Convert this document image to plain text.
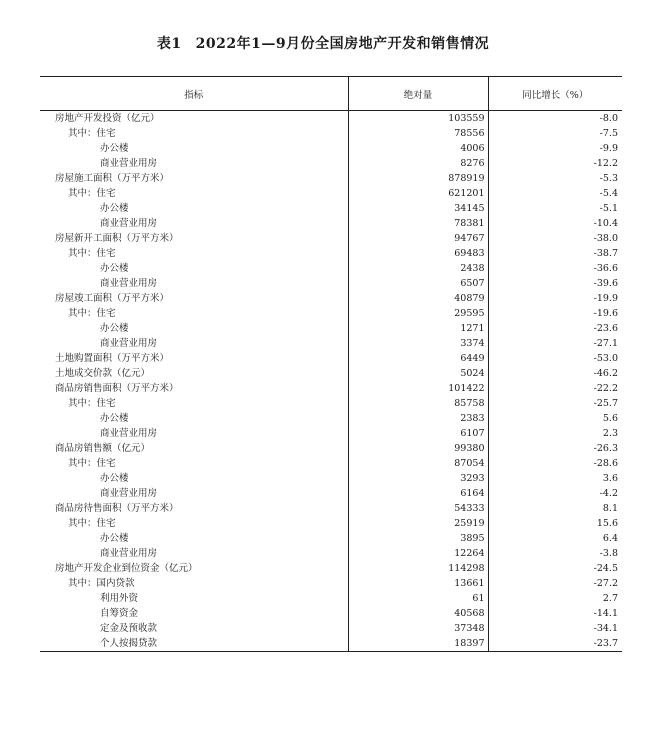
表1 2022年1—9月份全国房地产开发和销售情况
指标	绝对量	同比增长（%）
房地产开发投资（亿元）	103559	-8.0
其中：住宅	78556	-7.5
办公楼	4006	-9.9
商业营业用房	8276	-12.2
房屋施工面积（万平方米）	878919	-5.3
其中：住宅	621201	-5.4
办公楼	34145	-5.1
商业营业用房	78381	-10.4
房屋新开工面积（万平方米）	94767	-38.0
其中：住宅	69483	-38.7
办公楼	2438	-36.6
商业营业用房	6507	-39.6
房屋竣工面积（万平方米）	40879	-19.9
其中：住宅	29595	-19.6
办公楼	1271	-23.6
商业营业用房	3374	-27.1
土地购置面积（万平方米）	6449	-53.0
土地成交价款（亿元）	5024	-46.2
商品房销售面积（万平方米）	101422	-22.2
其中：住宅	85758	-25.7
办公楼	2383	5.6
商业营业用房	6107	2.3
商品房销售额（亿元）	99380	-26.3
其中：住宅	87054	-28.6
办公楼	3293	3.6
商业营业用房	6164	-4.2
商品房待售面积（万平方米）	54333	8.1
其中：住宅	25919	15.6
办公楼	3895	6.4
商业营业用房	12264	-3.8
房地产开发企业到位资金（亿元）	114298	-24.5
其中：国内贷款	13661	-27.2
利用外资	61	2.7
自筹资金	40568	-14.1
定金及预收款	37348	-34.1
个人按揭贷款	18397	-23.7
